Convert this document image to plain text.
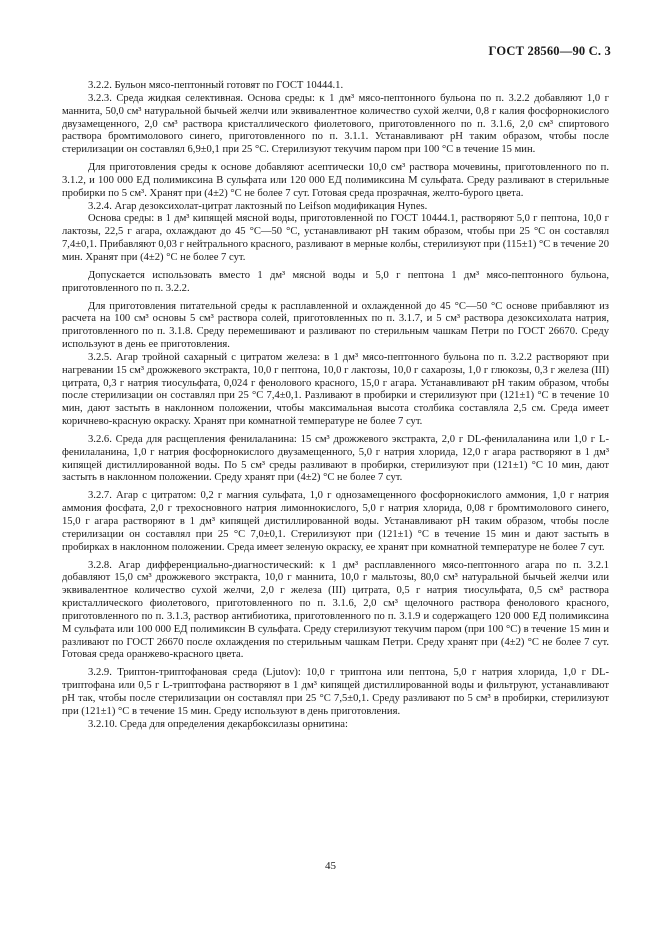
ГОСТ 28560—90 С. 3

3.2.2. Бульон мясо-пептонный готовят по ГОСТ 10444.1.

3.2.3. Среда жидкая селективная. Основа среды: к 1 дм³ мясо-пептонного бульона по п. 3.2.2 добавляют 1,0 г маннита, 50,0 см³ натуральной бычьей желчи или эквивалентное количество сухой желчи, 0,8 г калия фосфорнокислого двузамещенного, 2,0 см³ раствора кристаллического фиолетового, приготовленного по п. 3.1.6, 2,0 см³ спиртового раствора бромтимолового синего, приготовленного по п. 3.1.1. Устанавливают pH таким образом, чтобы после стерилизации он составлял 6,9±0,1 при 25 °С. Стерилизуют текучим паром при 100 °С в течение 15 мин.

Для приготовления среды к основе добавляют асептически 10,0 см³ раствора мочевины, приготовленного по п. 3.1.2, и 100 000 ЕД полимиксина В сульфата или 120 000 ЕД полимиксина М сульфата. Среду разливают в стерильные пробирки по 5 см³. Хранят при (4±2) °С не более 7 сут. Готовая среда прозрачная, желто-бурого цвета.

3.2.4. Агар дезоксихолат-цитрат лактозный по Leifson модификация Hynes.

Основа среды: в 1 дм³ кипящей мясной воды, приготовленной по ГОСТ 10444.1, растворяют 5,0 г пептона, 10,0 г лактозы, 22,5 г агара, охлаждают до 45 °С—50 °С, устанавливают pH таким образом, чтобы при 25 °С он составлял 7,4±0,1. Прибавляют 0,03 г нейтрального красного, разливают в мерные колбы, стерилизуют при (115±1) °С в течение 20 мин. Хранят при (4±2) °С не более 7 сут.

Допускается использовать вместо 1 дм³ мясной воды и 5,0 г пептона 1 дм³ мясо-пептонного бульона, приготовленного по п. 3.2.2.

Для приготовления питательной среды к расплавленной и охлажденной до 45 °С—50 °С основе прибавляют из расчета на 100 см³ основы 5 см³ раствора солей, приготовленных по п. 3.1.7, и 5 см³ раствора дезоксихолата натрия, приготовленного по п. 3.1.8. Среду перемешивают и разливают по стерильным чашкам Петри по ГОСТ 26670. Среду используют в день ее приготовления.

3.2.5. Агар тройной сахарный с цитратом железа: в 1 дм³ мясо-пептонного бульона по п. 3.2.2 растворяют при нагревании 15 см³ дрожжевого экстракта, 10,0 г пептона, 10,0 г лактозы, 10,0 г сахарозы, 1,0 г глюкозы, 0,3 г железа (III) цитрата, 0,3 г натрия тиосульфата, 0,024 г фенолового красного, 15,0 г агара. Устанавливают pH таким образом, чтобы после стерилизации он составлял при 25 °С 7,4±0,1. Разливают в пробирки и стерилизуют при (121±1) °С в течение 10 мин, дают застыть в наклонном положении, чтобы максимальная высота столбика составляла 2,5 см. Среда имеет коричнево-красную окраску. Хранят при комнатной температуре не более 7 сут.

3.2.6. Среда для расщепления фенилаланина: 15 см³ дрожжевого экстракта, 2,0 г DL-фенилаланина или 1,0 г L-фенилаланина, 1,0 г натрия фосфорнокислого двузамещенного, 5,0 г натрия хлорида, 12,0 г агара растворяют в 1 дм³ кипящей дистиллированной воды. По 5 см³ среды разливают в пробирки, стерилизуют при (121±1) °С 10 мин, дают застыть в наклонном положении. Среду хранят при (4±2) °С не более 7 сут.

3.2.7. Агар с цитратом: 0,2 г магния сульфата, 1,0 г однозамещенного фосфорнокислого аммония, 1,0 г натрия аммония фосфата, 2,0 г трехосновного натрия лимоннокислого, 5,0 г натрия хлорида, 0,08 г бромтимолового синего, 15,0 г агара растворяют в 1 дм³ кипящей дистиллированной воды. Устанавливают pH таким образом, чтобы после стерилизации он составлял при 25 °С 7,0±0,1. Стерилизуют при (121±1) °С в течение 15 мин и дают застыть в пробирках в наклонном положении. Среда имеет зеленую окраску, ее хранят при комнатной температуре не более 7 сут.

3.2.8. Агар дифференциально-диагностический: к 1 дм³ расплавленного мясо-пептонного агара по п. 3.2.1 добавляют 15,0 см³ дрожжевого экстракта, 10,0 г маннита, 10,0 г мальтозы, 80,0 см³ натуральной бычьей желчи или эквивалентное количество сухой желчи, 2,0 г железа (III) цитрата, 0,5 г натрия тиосульфата, 0,5 см³ раствора кристаллического фиолетового, приготовленного по п. 3.1.6, 2,0 см³ щелочного раствора фенолового красного, приготовленного по п. 3.1.3, раствор антибиотика, приготовленного по п. 3.1.9 и содержащего 120 000 ЕД полимиксина М сульфата или 100 000 ЕД полимиксин В сульфата. Среду стерилизуют текучим паром (при 100 °С) в течение 15 мин и разливают по ГОСТ 26670 после охлаждения по стерильным чашкам Петри. Среду хранят при (4±2) °С не более 7 сут. Готовая среда оранжево-красного цвета.

3.2.9. Триптон-триптофановая среда (Ljutov): 10,0 г триптона или пептона, 5,0 г натрия хлорида, 1,0 г DL-триптофана или 0,5 г L-триптофана растворяют в 1 дм³ кипящей дистиллированной воды и фильтруют, устанавливают pH так, чтобы после стерилизации он составлял при 25 °С 7,5±0,1. Среду разливают по 5 см³ в пробирки, стерилизуют при (121±1) °С в течение 15 мин. Среду используют в день приготовления.

3.2.10. Среда для определения декарбоксилазы орнитина:

45
